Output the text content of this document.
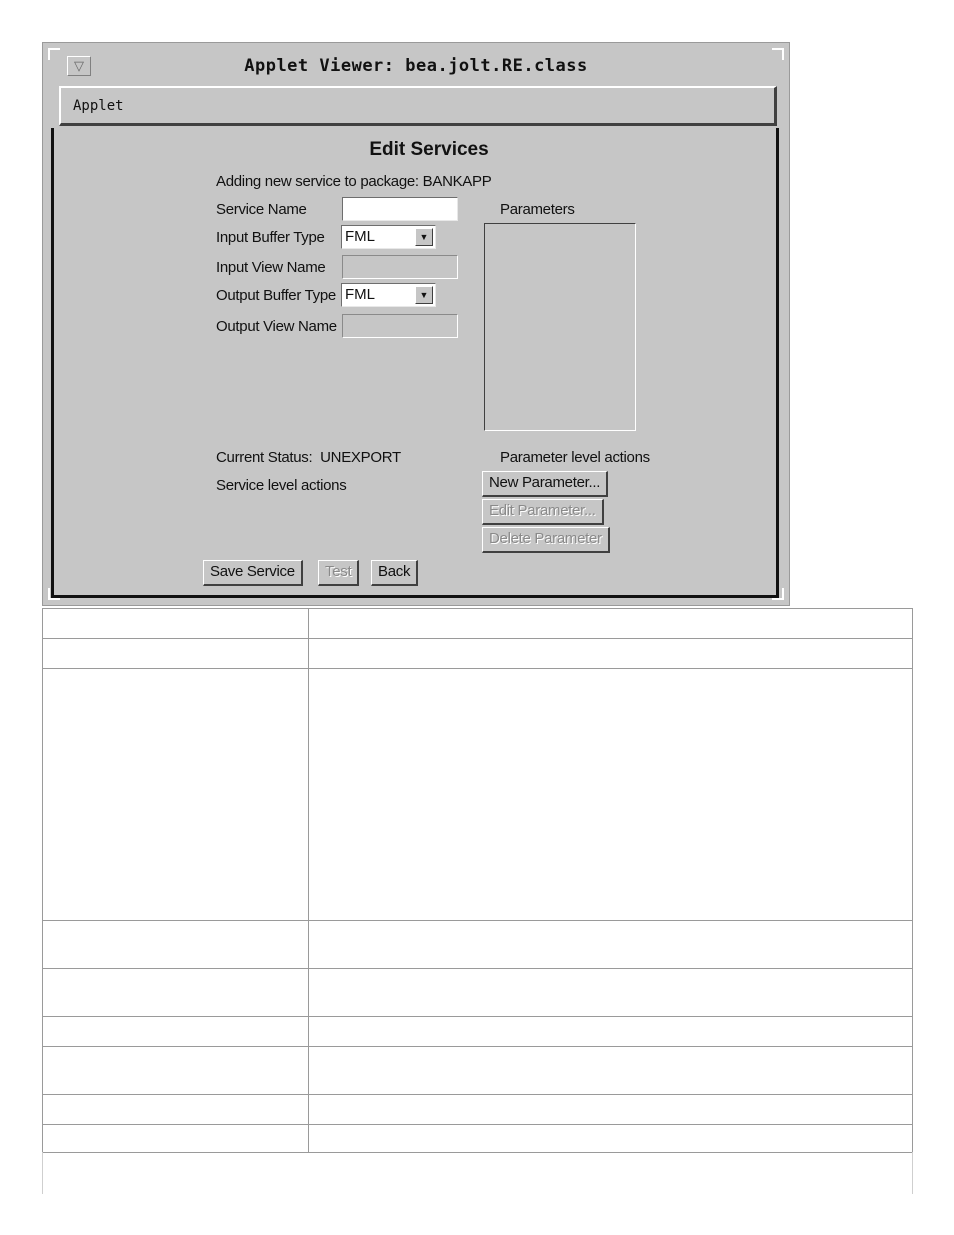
▽	Applet Viewer: bea.jolt.RE.class
Applet
Edit Services
Adding new service to package: BANKAPP
Service Name	Parameters
Input Buffer Type FML	▼
Input View Name
Output Buffer Type FML	▼
Output View Name
Current Status: UNEXPORT	Parameter level actions
Service level actions	New Parameter...
Edit Parameter...
Delete Parameter
Save Service	Test	Back
